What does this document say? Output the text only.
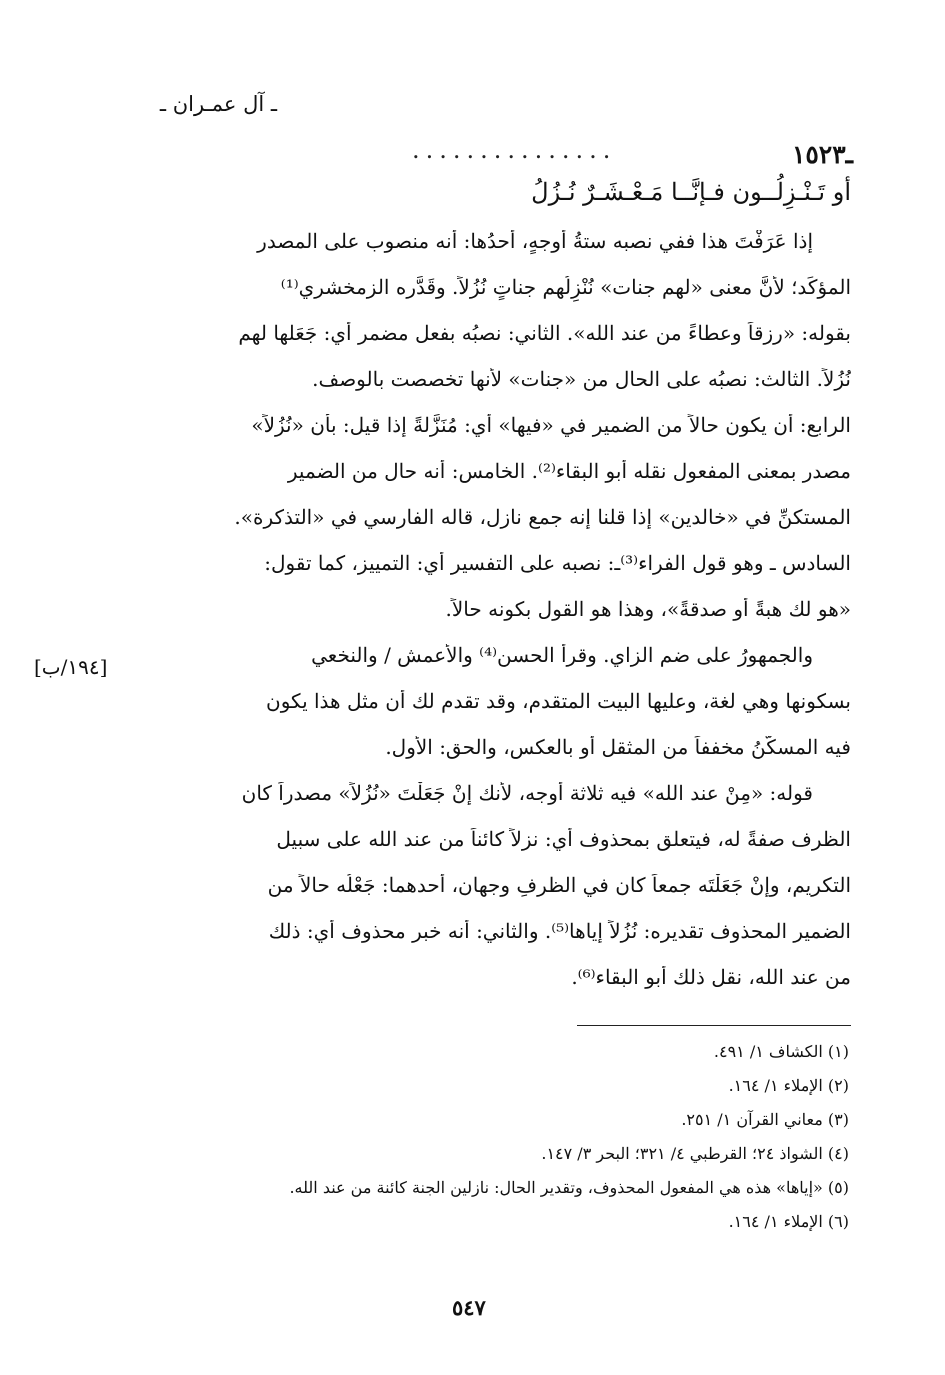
ـ آل عمـران ـ
ـ١٥٢٣
...............
أو تَـنْـزِلُــون فـإنَّــا مَـعْـشَـرٌ نُـزُلُ

إذا عَرَفْتَ هذا ففي نصبه ستةُ أوجهٍ، أحدُها: أنه منصوب على المصدر

المؤكِّد؛ لأنَّ معنى «لهم جنات» نُنْزِلُهم جناتٍ نُزُلاً. وقَدَّره الزمخشري⁽¹⁾

بقوله: «رزقاً وعطاءً من عند الله». الثاني: نصبُه بفعل مضمر أي: جَعَلها لهم

نُزُلاً. الثالث: نصبُه على الحال من «جنات» لأنها تخصصت بالوصف.

الرابع: أن يكون حالاً من الضمير في «فيها» أي: مُنَزَّلةً إذا قيل: بأن «نُزُلاً»

مصدر بمعنى المفعول نقله أبو البقاء⁽²⁾. الخامس: أنه حال من الضمير

المستكنِّ في «خالدين» إذا قلنا إنه جمع نازل، قاله الفارسي في «التذكرة».

السادس ـ وهو قول الفراء⁽³⁾ـ: نصبه على التفسير أي: التمييز، كما تقول:

«هو لك هبةً أو صدقةً»، وهذا هو القول بكونه حالاً.

والجمهورُ على ضم الزاي. وقرأ الحسن⁽⁴⁾ والأعمش / والنخعي

بسكونها وهي لغة، وعليها البيت المتقدم، وقد تقدم لك أن مثل هذا يكون

فيه المسكَّنُ مخففاً من المثقل أو بالعكس، والحق: الأول.

قوله: «مِنْ عند الله» فيه ثلاثة أوجه، لأنك إنْ جَعَلْتَ «نُزُلاً» مصدراً كان

الظرف صفةً له، فيتعلق بمحذوف أي: نزلاً كائناً من عند الله على سبيل

التكريم، وإنْ جَعَلْتَه جمعاً كان في الظرفِ وجهان، أحدهما: جَعْلُه حالاً من

الضمير المحذوف تقديره: نُزُلاً إياها⁽⁵⁾. والثاني: أنه خبر محذوف أي: ذلك

من عند الله، نقل ذلك أبو البقاء⁽⁶⁾.

[١٩٤/ب]
(١) الكشاف ١/ ٤٩١.
(٢) الإملاء ١/ ١٦٤.
(٣) معاني القرآن ١/ ٢٥١.
(٤) الشواذ ٢٤؛ القرطبي ٤/ ٣٢١؛ البحر ٣/ ١٤٧.
(٥) «إياها» هذه هي المفعول المحذوف، وتقدير الحال: نازلين الجنة كائنة من عند الله.
(٦) الإملاء ١/ ١٦٤.
٥٤٧
